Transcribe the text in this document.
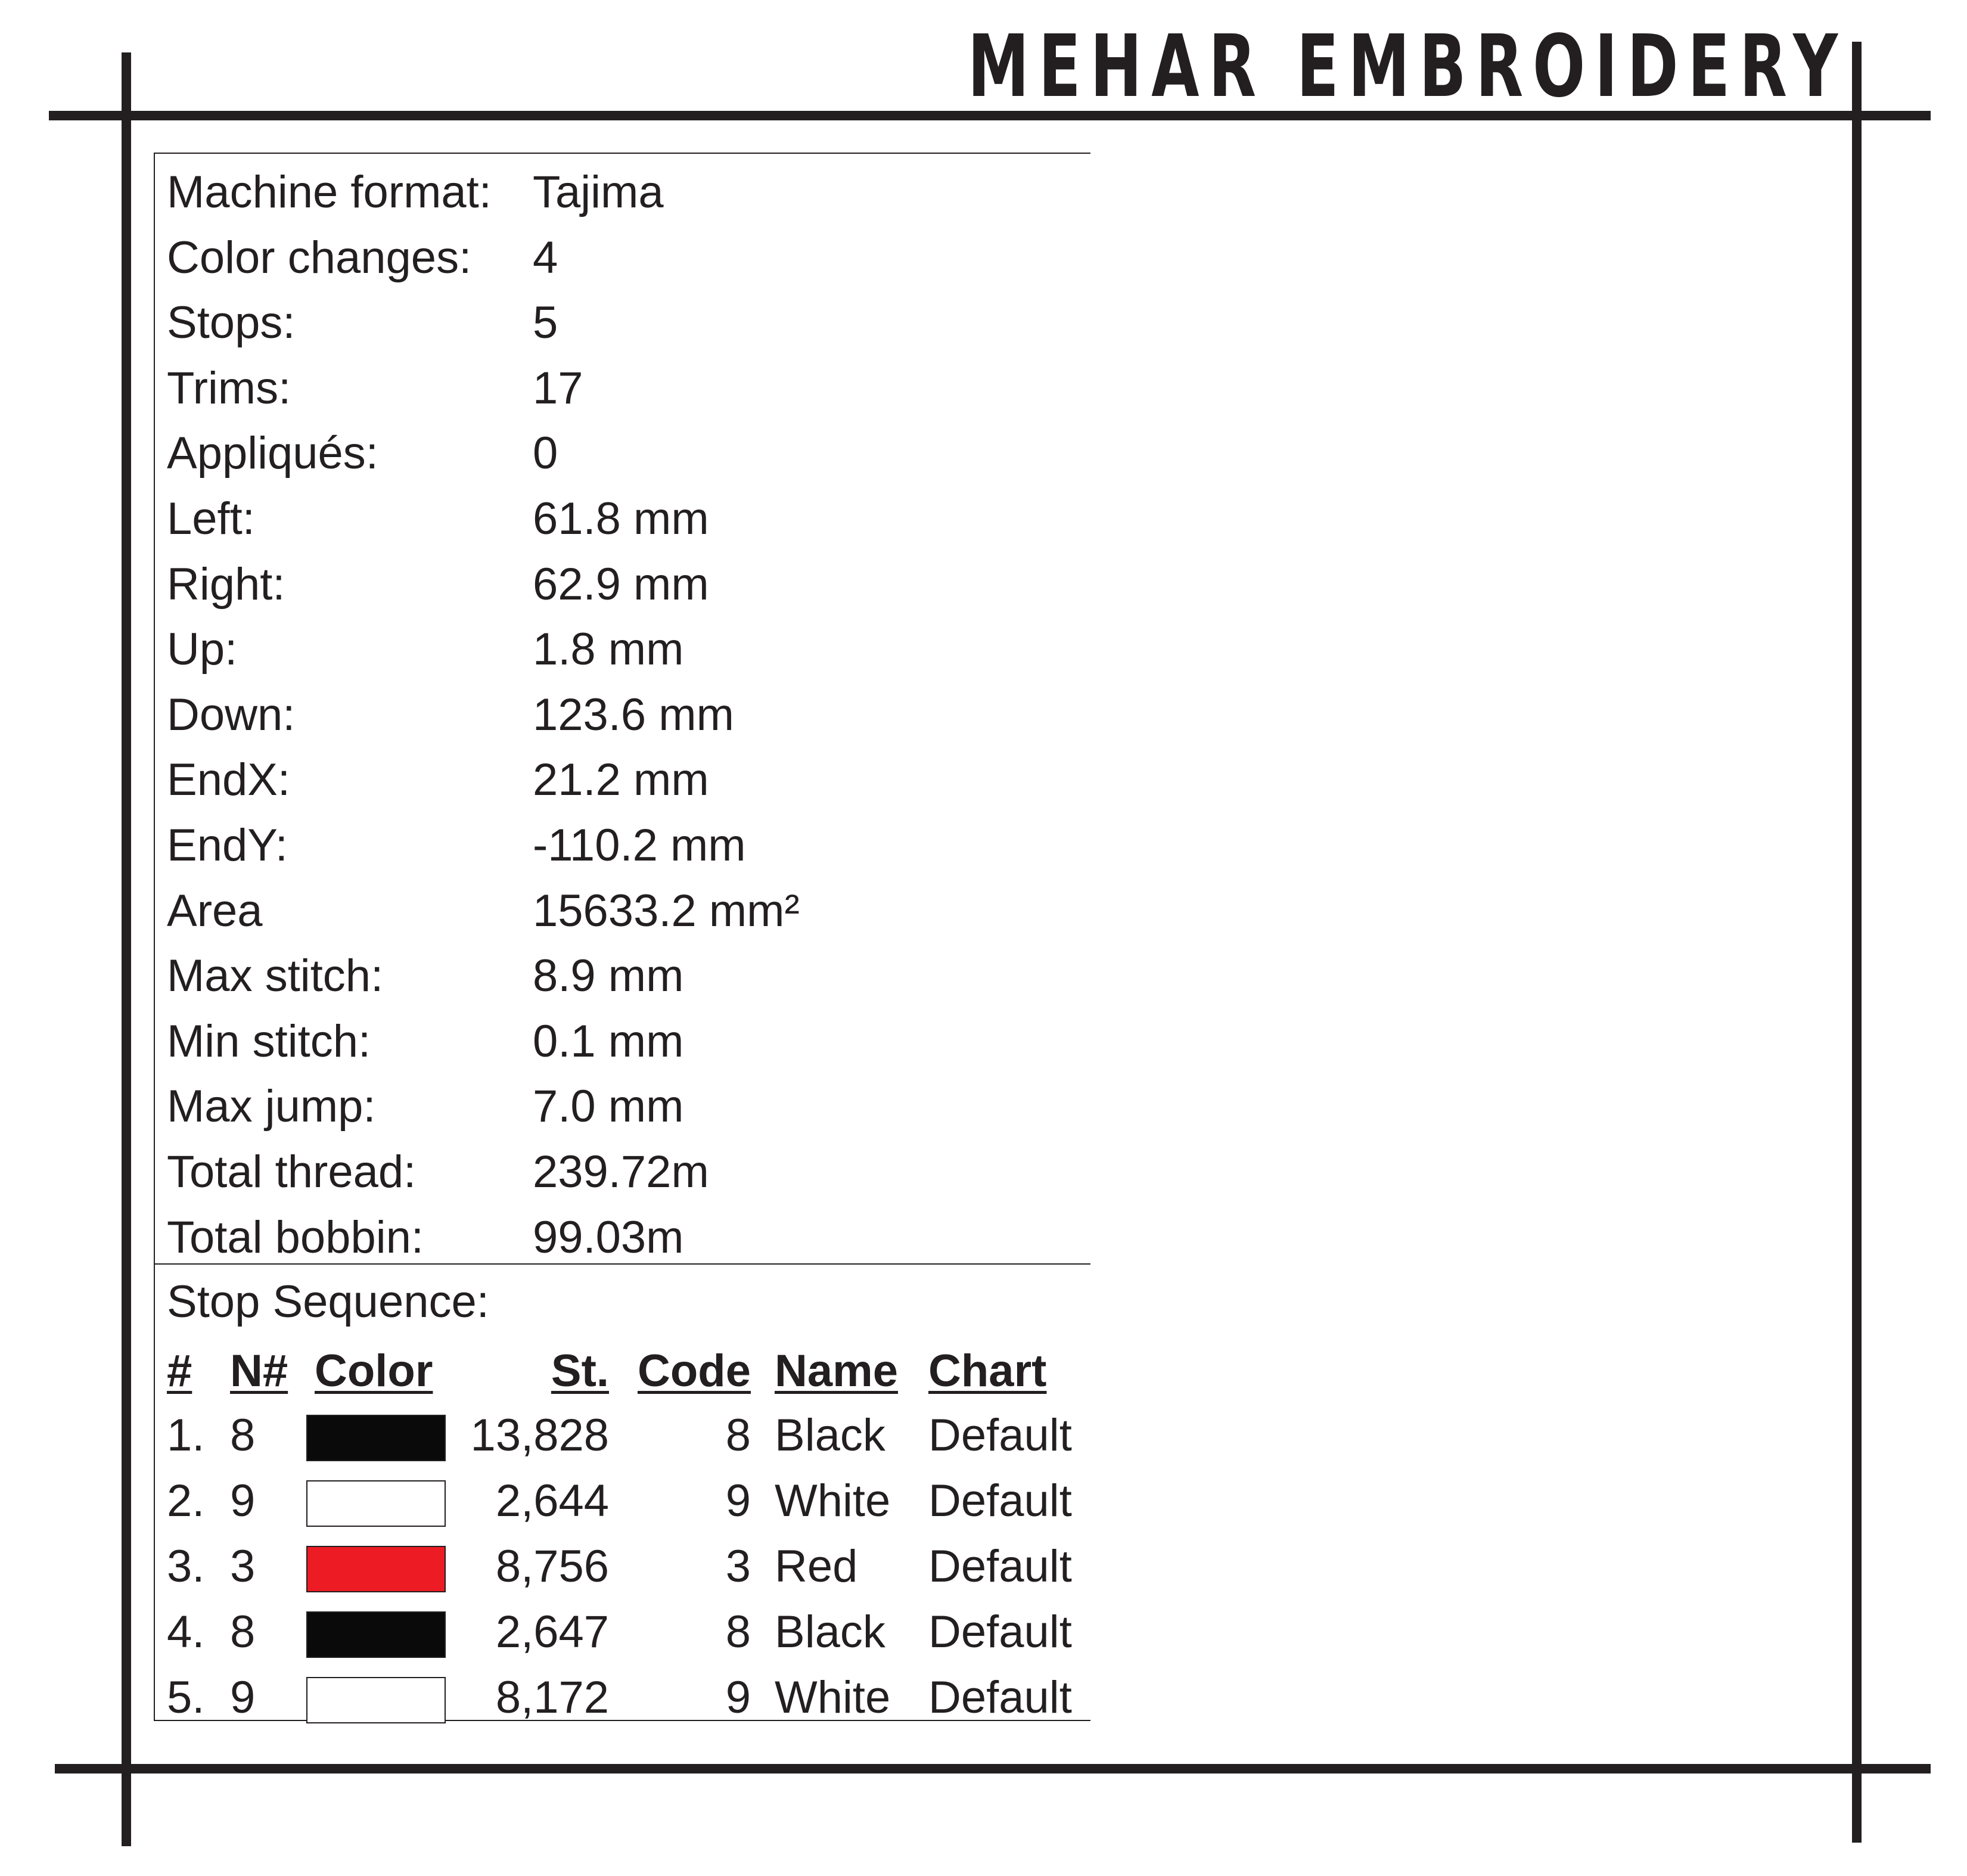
MEHAR EMBROIDERY
Stop Sequence:
# N# Color	St. Code Name Chart
Machine format: Tajima
Color changes: 4
Stops:	5
Trims:	17
Appliqués:	0
Left:	61.8 mm
Right:	62.9 mm
Up:	1.8 mm
Down:	123.6 mm
EndX:	21.2 mm
EndY:	-110.2 mm
Area	15633.2 mm²
Max stitch:	8.9 mm
Min stitch:	0.1 mm
Max jump:	7.0 mm
Total thread:	239.72m
Total bobbin: 99.03m
1. 8	13,828	8 Black Default
2. 9	2,644	9 White Default
3. 3	8,756	3 Red Default
4. 8	2,647	8 Black Default
5. 9	8,172	9 White Default
